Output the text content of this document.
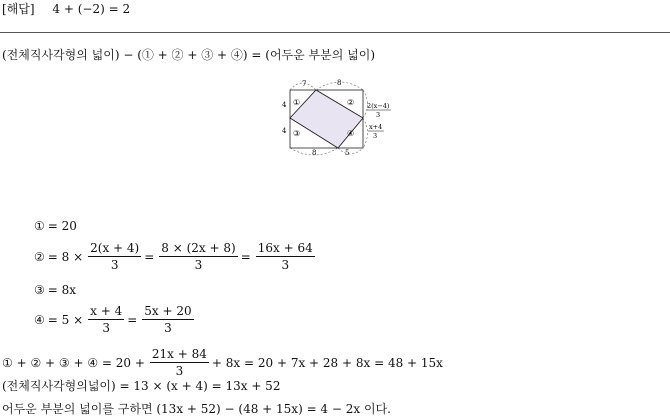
[해답] 4 + (−2) = 2
(전체직사각형의 넓이) − (① + ② + ③ + ④) = (어두운 부분의 넓이)
7	8
8	5
4
4
①	②
③	④
2(x−4)
3
x+4
3
① = 20
② = $8 \times \frac{2(x + 4)}{3} = \frac{8 \times (2x + 8)}{3} = \frac{16x + 64}{3}$
③ = 8x
④ = $5 \times \frac{x + 4}{3} = \frac{5x + 20}{3}$
① + ② + ③ + ④ = $20 + \frac{21x + 84}{3} + 8x = 20 + 7x + 28 + 8x = 48 + 15x$
(전체직사각형의넓이) = 13 × (x + 4) = 13x + 52
어두운 부분의 넓이를 구하면 (13x + 52) − (48 + 15x) = 4 − 2x 이다.
